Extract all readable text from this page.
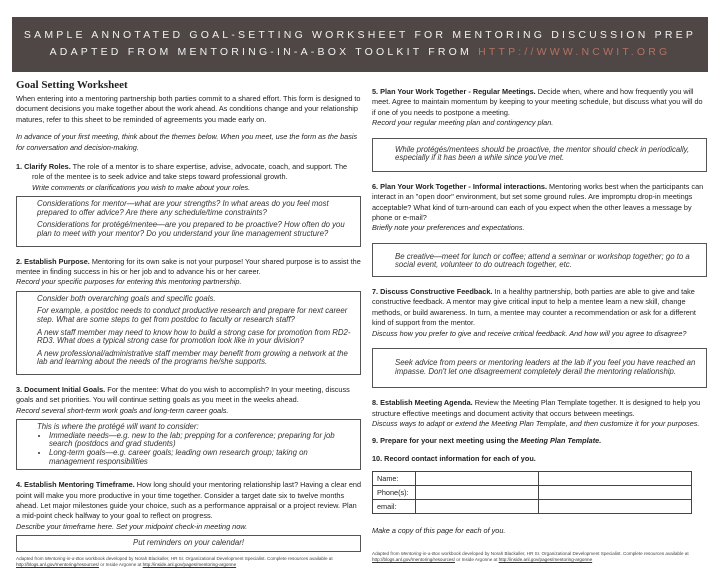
SAMPLE ANNOTATED GOAL-SETTING WORKSHEET FOR MENTORING DISCUSSION PREP
ADAPTED FROM MENTORING-IN-A-BOX TOOLKIT FROM HTTP://WWW.NCWIT.ORG
Goal Setting Worksheet

When entering into a mentoring partnership both parties commit to a shared effort. This form is designed to document decisions you make together about the work ahead. As conditions change and your relationship matures, refer to this sheet to be reminded of agreements you made early on.

In advance of your first meeting, think about the themes below. When you meet, use the form as the basis for conversation and decision-making.

1. Clarify Roles. The role of a mentor is to share expertise, advise, advocate, coach, and support. The role of the mentee is to seek advice and take steps toward professional growth.
Write comments or clarifications you wish to make about your roles.
Considerations for mentor—what are your strengths? In what areas do you feel most prepared to offer advice? Are there any schedule/time constraints?
Considerations for protégé/mentee—are you prepared to be proactive? How often do you plan to meet with your mentor? Do you understand your line management structure?
2. Establish Purpose. Mentoring for its own sake is not your purpose! Your shared purpose is to assist the mentee in finding success in his or her job and to advance his or her career.
Record your specific purposes for entering this mentoring partnership.
Consider both overarching goals and specific goals.
For example, a postdoc needs to conduct productive research and prepare for next career step. What are some steps to get from postdoc to faculty or research staff?
A new staff member may need to know how to build a strong case for promotion from RD2-RD3. What does a typical strong case for promotion look like in your division?
A new professional/administrative staff member may benefit from growing a network at the lab and learning about the needs of the programs he/she supports.
3. Document Initial Goals. For the mentee: What do you wish to accomplish? In your meeting, discuss goals and set priorities. You will continue setting goals as you meet in the weeks ahead.
Record several short-term work goals and long-term career goals.
This is where the protégé will want to consider:
• Immediate needs—e.g. new to the lab; prepping for a conference; preparing for job search (postdocs and grad students)
• Long-term goals—e.g. career goals; leading own research group; taking on management responsibilities
4. Establish Mentoring Timeframe. How long should your mentoring relationship last? Having a clear end point will make you more productive in your time together. Consider a target date six to twelve months ahead. Let major milestones guide your choice, such as a performance appraisal or a project review. Plan a mid-point check halfway to your goal to reflect on progress.
Describe your timeframe here. Set your midpoint check-in meeting now.
Put reminders on your calendar!
Adapted from Mentoring-in-a-Box workbook developed by Norah Blackaller, HR Sr. Organizational Development Specialist. Complete resources available at http://blogs.anl.gov/mentoring/resources/ or Inside Argonne at http://inside.anl.gov/pages/mentoring-argonne
5. Plan Your Work Together - Regular Meetings. Decide when, where and how frequently you will meet. Agree to maintain momentum by keeping to your meeting schedule, but discuss what you will do if one of you needs to postpone a meeting.
Record your regular meeting plan and contingency plan.
While protégés/mentees should be proactive, the mentor should check in periodically, especially if it has been a while since you've met.
6. Plan Your Work Together - Informal interactions. Mentoring works best when the participants can interact in an "open door" environment, but set some ground rules. Are impromptu drop-in meetings acceptable? What kind of turn-around can each of you expect when the other leaves a message by phone or e-mail?
Briefly note your preferences and expectations.
Be creative—meet for lunch or coffee; attend a seminar or workshop together; go to a social event, volunteer to do outreach together, etc.
7. Discuss Constructive Feedback. In a healthy partnership, both parties are able to give and take constructive feedback. A mentor may give critical input to help a mentee learn a new skill, change methods, or build awareness. In turn, a mentee may counter a recommendation or ask for a different kind of support from the mentor.
Discuss how you prefer to give and receive critical feedback. And how will you agree to disagree?
Seek advice from peers or mentoring leaders at the lab if you feel you have reached an impasse. Don't let one disagreement completely derail the mentoring relationship.
8. Establish Meeting Agenda. Review the Meeting Plan Template together. It is designed to help you structure effective meetings and document activity that occurs between meetings.
Discuss ways to adapt or extend the Meeting Plan Template, and then customize it for your purposes.

9. Prepare for your next meeting using the Meeting Plan Template.

10. Record contact information for each of you.

Name:		
Phone(s):		
email:		

Make a copy of this page for each of you.

Adapted from Mentoring-in-a-Box workbook developed by Norah Blackaller, HR Sr. Organizational Development Specialist. Complete resources available at http://blogs.anl.gov/mentoring/resources/ or Inside Argonne at http://inside.anl.gov/pages/mentoring-argonne
